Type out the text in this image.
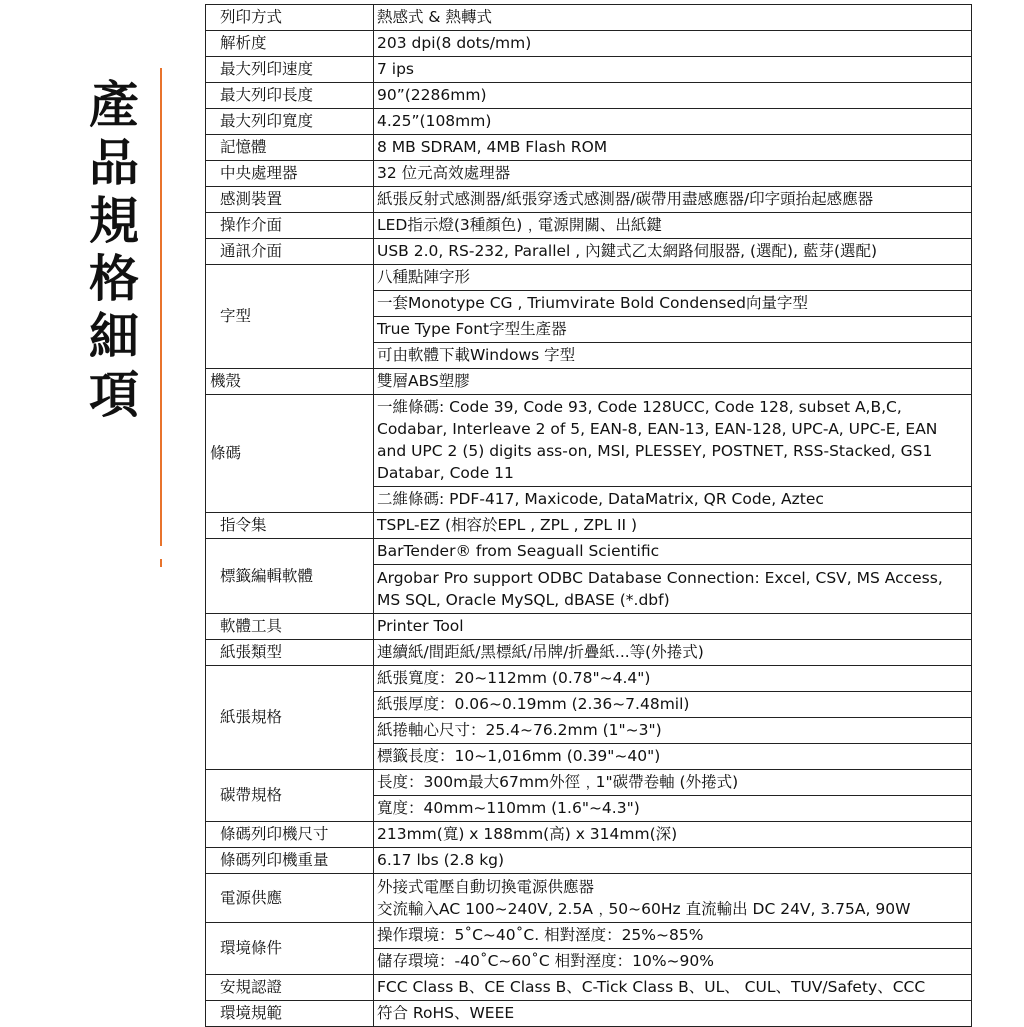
產
品
規
格
細
項
列印方式	熱感式 & 熱轉式
解析度	203 dpi(8 dots/mm)
最大列印速度	7 ips
最大列印長度	90”(2286mm)
最大列印寬度	4.25”(108mm)
記憶體	8 MB SDRAM, 4MB Flash ROM
中央處理器	32 位元高效處理器
感測裝置	紙張反射式感測器/紙張穿透式感測器/碳帶用盡感應器/印字頭抬起感應器
操作介面	LED指示燈(3種顏色)﹐電源開關、出紙鍵
通訊介面	USB 2.0, RS-232, Parallel , 內鍵式乙太網路伺服器, (選配), 藍芽(選配)
字型	八種點陣字形
	一套Monotype CG , Triumvirate Bold Condensed向量字型
	True Type Font字型生產器
	可由軟體下載Windows 字型
機殼	雙層ABS塑膠
條碼	一維條碼: Code 39, Code 93, Code 128UCC, Code 128, subset A,B,C, Codabar, Interleave 2 of 5, EAN-8, EAN-13, EAN-128, UPC-A, UPC-E, EAN and UPC 2 (5) digits ass-on, MSI, PLESSEY, POSTNET, RSS-Stacked, GS1 Databar, Code 11
	二維條碼: PDF-417, Maxicode, DataMatrix, QR Code, Aztec
指令集	TSPL-EZ (相容於EPL , ZPL , ZPL II )
標籤編輯軟體	BarTender® from Seaguall Scientific
	Argobar Pro support ODBC Database Connection: Excel, CSV, MS Access, MS SQL, Oracle MySQL, dBASE (*.dbf)
軟體工具	Printer Tool
紙張類型	連續紙/間距紙/黑標紙/吊牌/折疊紙...等(外捲式)
紙張規格	紙張寬度：20~112mm (0.78"~4.4")
	紙張厚度：0.06~0.19mm (2.36~7.48mil)
	紙捲軸心尺寸：25.4~76.2mm (1"~3")
	標籤長度：10~1,016mm (0.39"~40")
碳帶規格	長度：300m最大67mm外徑﹐1"碳帶卷軸 (外捲式)
	寬度：40mm~110mm (1.6"~4.3")
條碼列印機尺寸	213mm(寬) x 188mm(高) x 314mm(深)
條碼列印機重量	6.17 lbs (2.8 kg)
電源供應	外接式電壓自動切換電源供應器
交流輸入AC 100~240V, 2.5A﹐50~60Hz 直流輸出 DC 24V, 3.75A, 90W
環境條件	操作環境：5˚C~40˚C. 相對溼度：25%~85%
	儲存環境：-40˚C~60˚C 相對溼度：10%~90%
安規認證	FCC Class B、CE Class B、C-Tick Class B、UL、 CUL、TUV/Safety、CCC
環境規範	符合 RoHS、WEEE
